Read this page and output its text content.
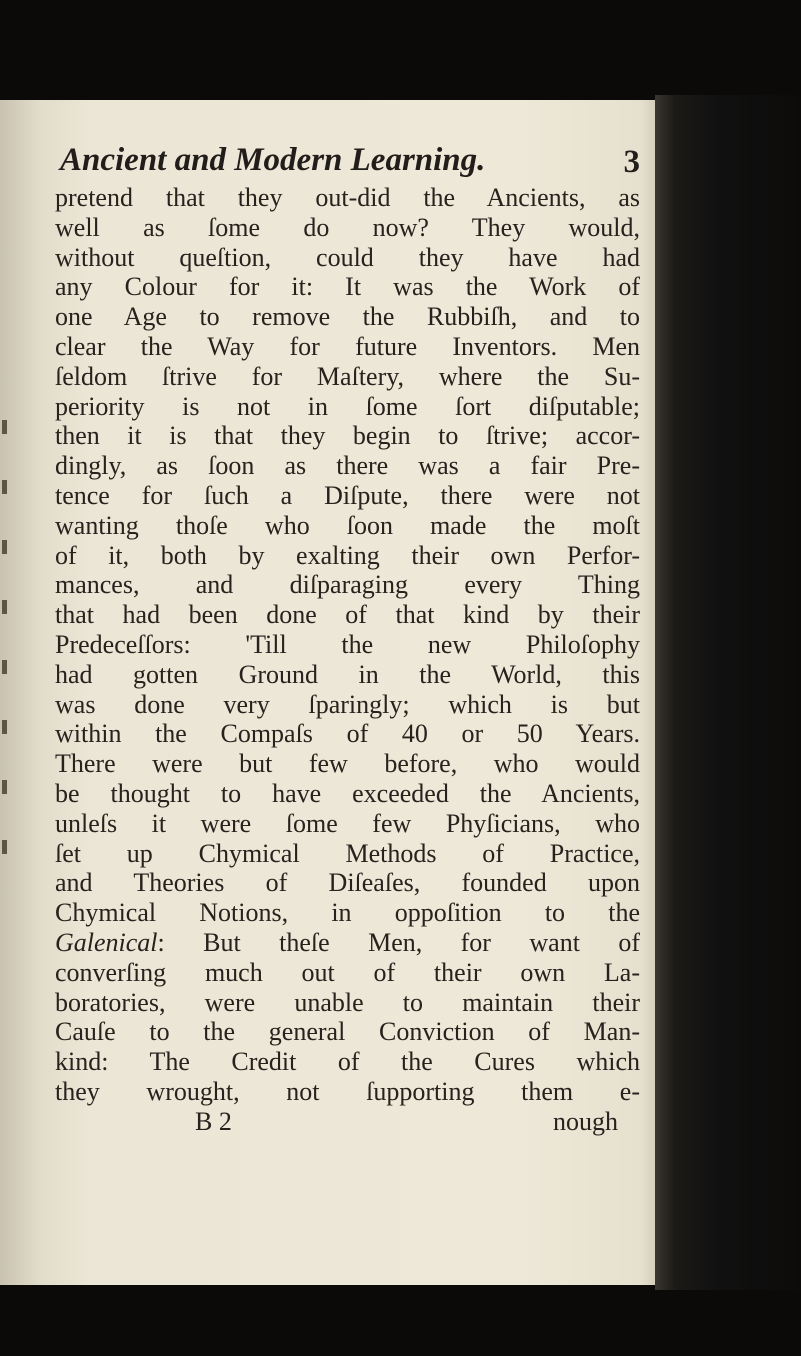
Ancient and Modern Learning.	3
pretend that they out-did the Ancients, as
well as ſome do now? They would,
without queſtion, could they have had
any Colour for it: It was the Work of
one Age to remove the Rubbiſh, and to
clear the Way for future Inventors. Men
ſeldom ſtrive for Maſtery, where the Su-
periority is not in ſome ſort diſputable;
then it is that they begin to ſtrive; accor-
dingly, as ſoon as there was a fair Pre-
tence for ſuch a Diſpute, there were not
wanting thoſe who ſoon made the moſt
of it, both by exalting their own Perfor-
mances, and diſparaging every Thing
that had been done of that kind by their
Predeceſſors: 'Till the new Philoſophy
had gotten Ground in the World, this
was done very ſparingly; which is but
within the Compaſs of 40 or 50 Years.
There were but few before, who would
be thought to have exceeded the Ancients,
unleſs it were ſome few Phyſicians, who
ſet up Chymical Methods of Practice,
and Theories of Diſeaſes, founded upon
Chymical Notions, in oppoſition to the
Galenical: But theſe Men, for want of
converſing much out of their own La-
boratories, were unable to maintain their
Cauſe to the general Conviction of Man-
kind: The Credit of the Cures which
they wrought, not ſupporting them e-
B 2	nough
